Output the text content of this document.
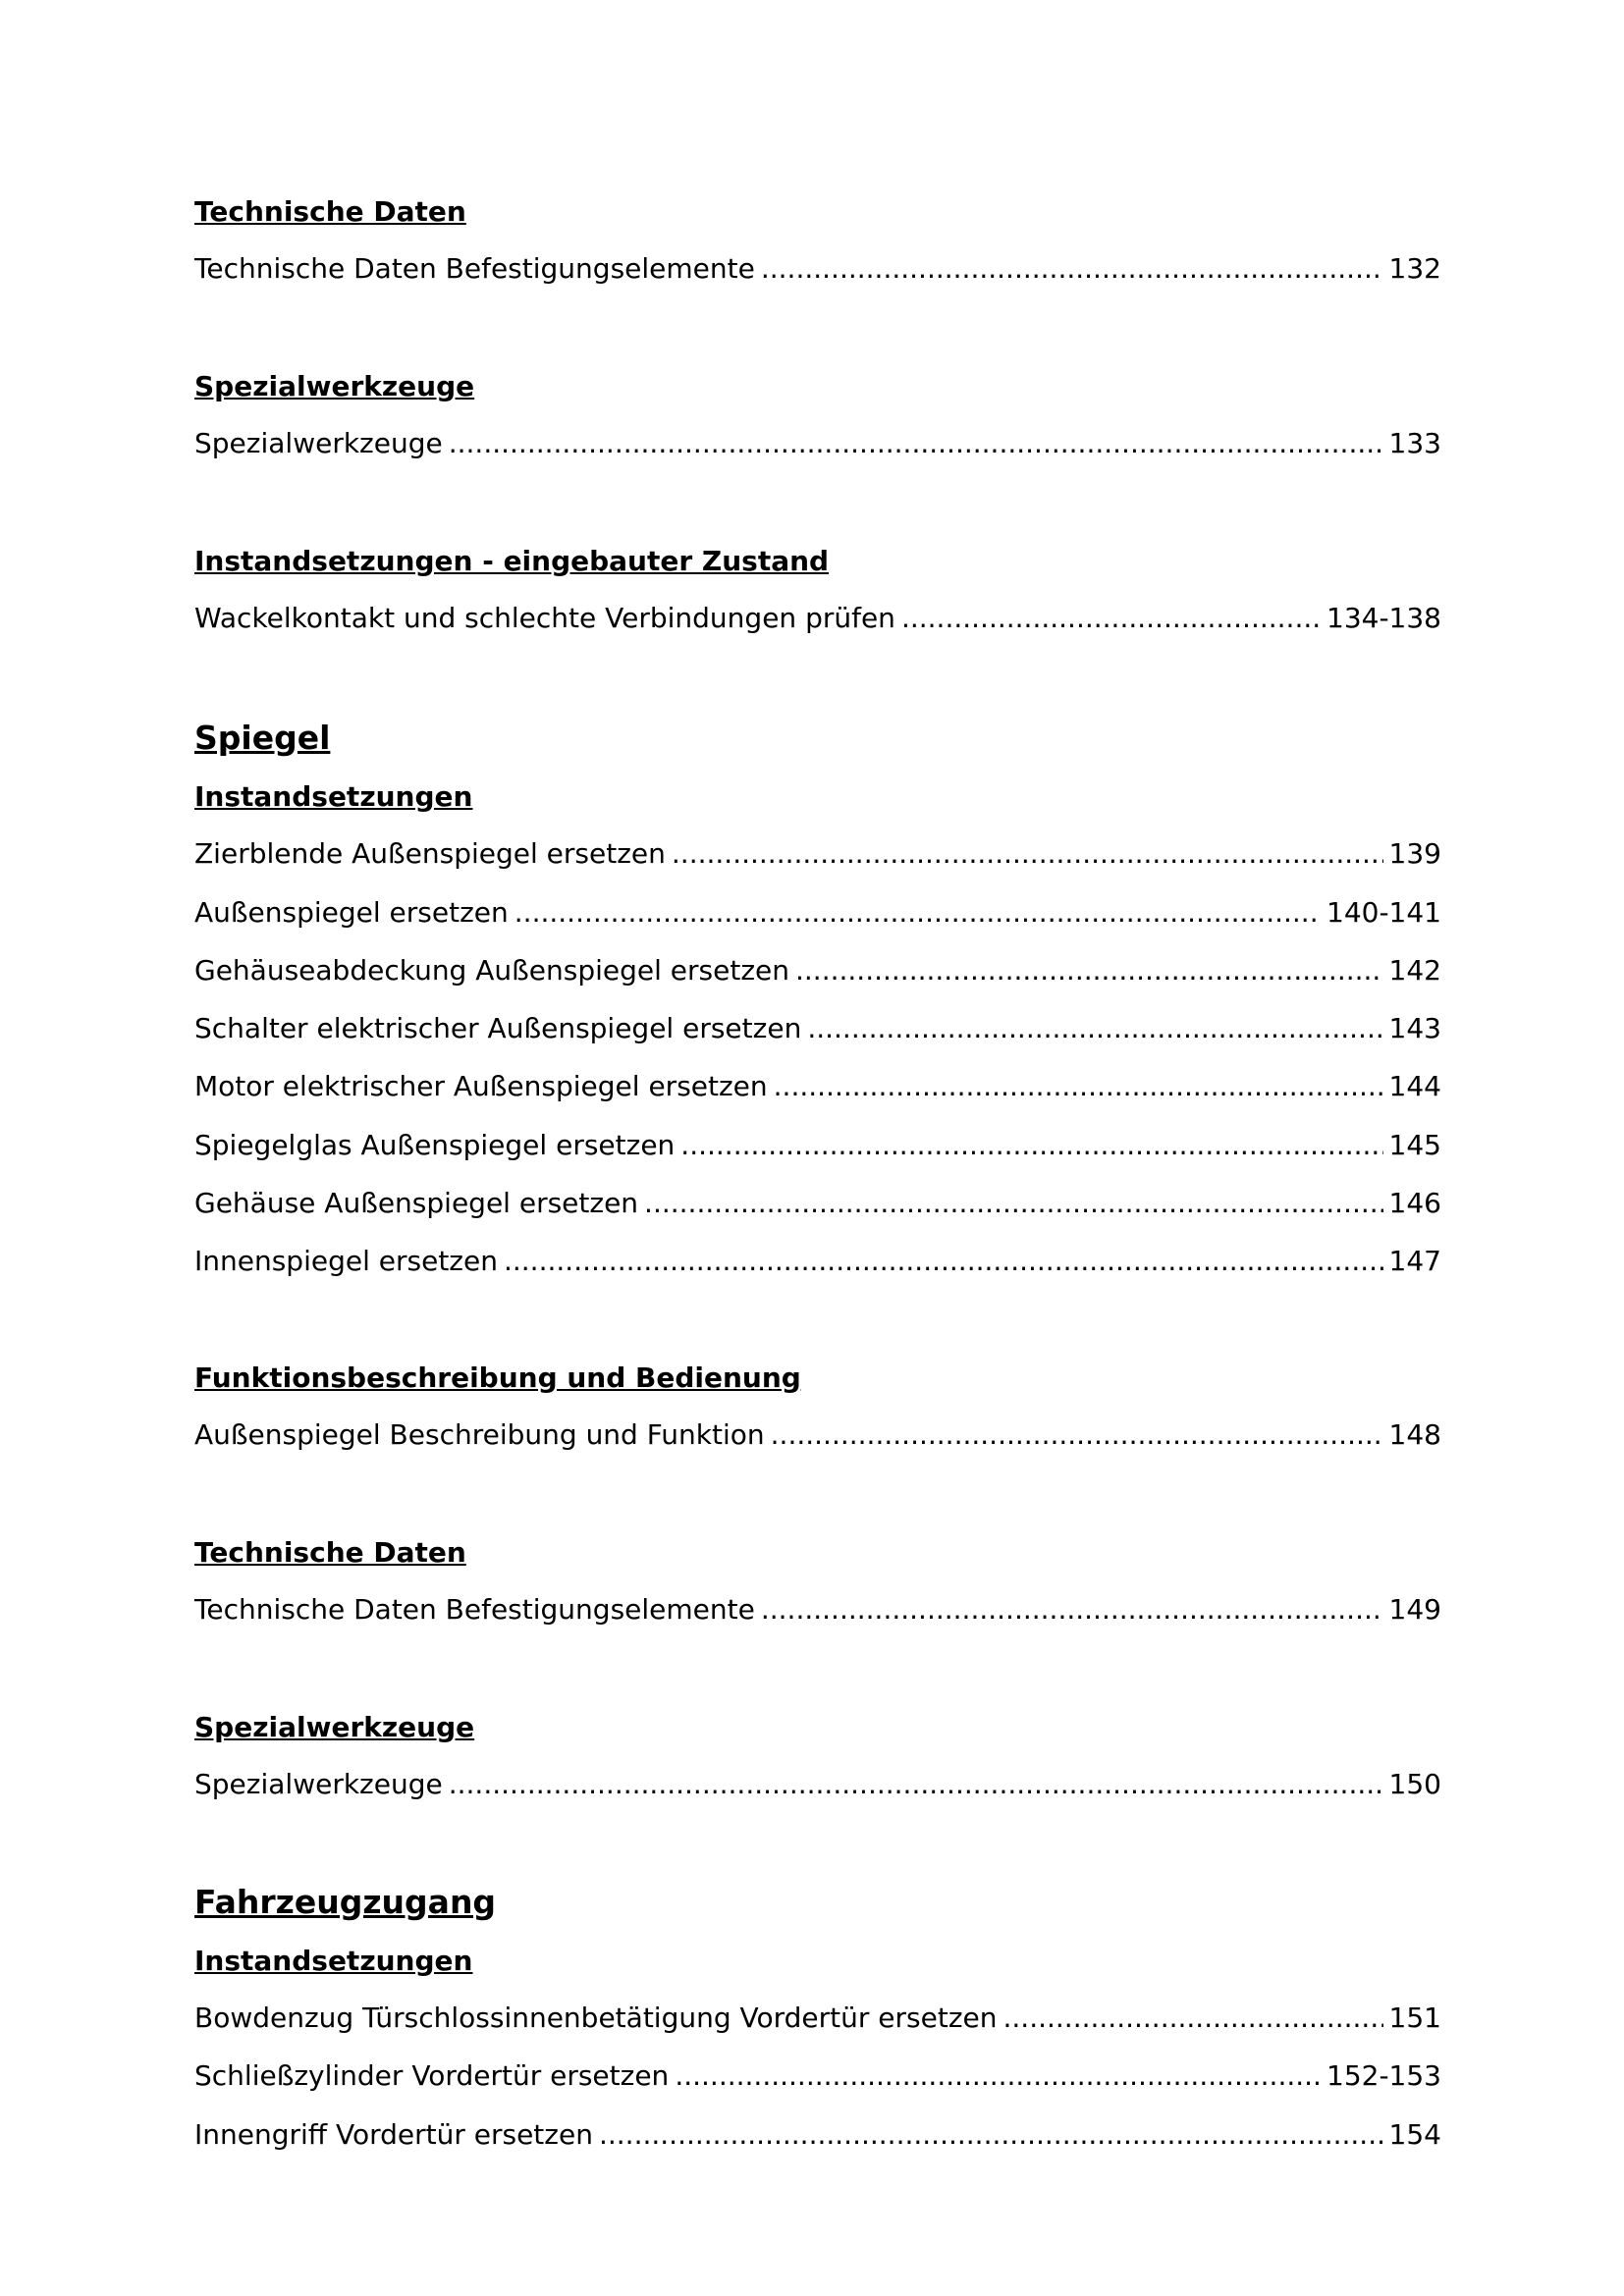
Technische Daten
Technische Daten Befestigungselemente .....	132
Spezialwerkzeuge
Spezialwerkzeuge .....	133
Instandsetzungen - eingebauter Zustand
Wackelkontakt und schlechte Verbindungen prüfen .....	134-138
Spiegel
Instandsetzungen
Zierblende Außenspiegel ersetzen .....	139
Außenspiegel ersetzen .....	140-141
Gehäuseabdeckung Außenspiegel ersetzen .....	142
Schalter elektrischer Außenspiegel ersetzen .....	143
Motor elektrischer Außenspiegel ersetzen .....	144
Spiegelglas Außenspiegel ersetzen .....	145
Gehäuse Außenspiegel ersetzen .....	146
Innenspiegel ersetzen .....	147
Funktionsbeschreibung und Bedienung
Außenspiegel Beschreibung und Funktion .....	148
Technische Daten
Technische Daten Befestigungselemente .....	149
Spezialwerkzeuge
Spezialwerkzeuge .....	150
Fahrzeugzugang
Instandsetzungen
Bowdenzug Türschlossinnenbetätigung Vordertür ersetzen .....	151
Schließzylinder Vordertür ersetzen .....	152-153
Innengriff Vordertür ersetzen .....	154
